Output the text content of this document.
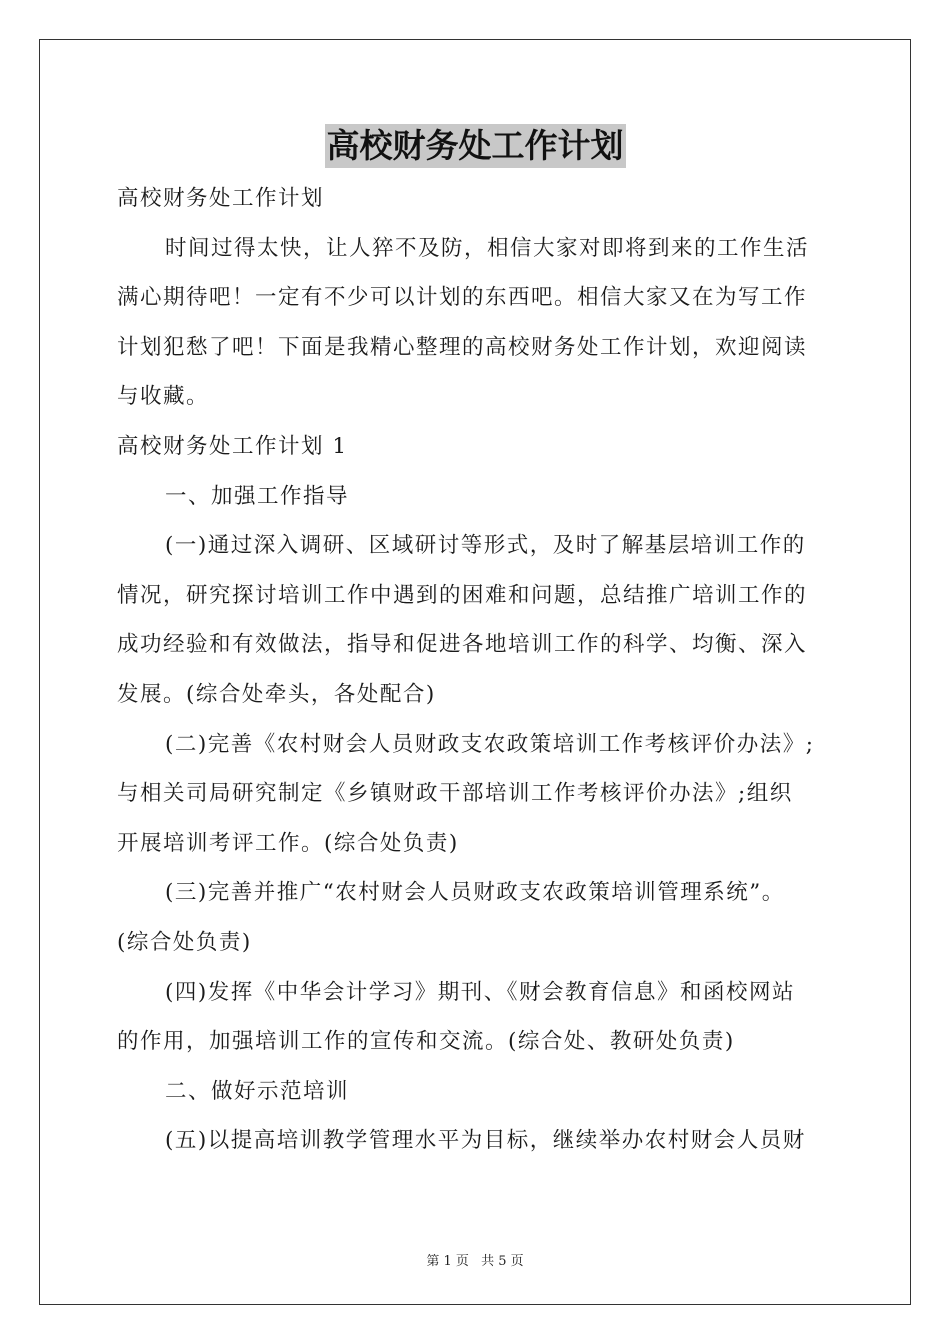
高校财务处工作计划
高校财务处工作计划
时间过得太快，让人猝不及防，相信大家对即将到来的工作生活
满心期待吧！一定有不少可以计划的东西吧。相信大家又在为写工作
计划犯愁了吧！下面是我精心整理的高校财务处工作计划，欢迎阅读
与收藏。
高校财务处工作计划 1
一、加强工作指导
(一)通过深入调研、区域研讨等形式，及时了解基层培训工作的
情况，研究探讨培训工作中遇到的困难和问题，总结推广培训工作的
成功经验和有效做法，指导和促进各地培训工作的科学、均衡、深入
发展。(综合处牵头，各处配合)
(二)完善《农村财会人员财政支农政策培训工作考核评价办法》;
与相关司局研究制定《乡镇财政干部培训工作考核评价办法》;组织
开展培训考评工作。(综合处负责)
(三)完善并推广“农村财会人员财政支农政策培训管理系统”。
(综合处负责)
(四)发挥《中华会计学习》期刊、《财会教育信息》和函校网站
的作用，加强培训工作的宣传和交流。(综合处、教研处负责)
二、做好示范培训
(五)以提高培训教学管理水平为目标，继续举办农村财会人员财
第 1 页 共 5 页
